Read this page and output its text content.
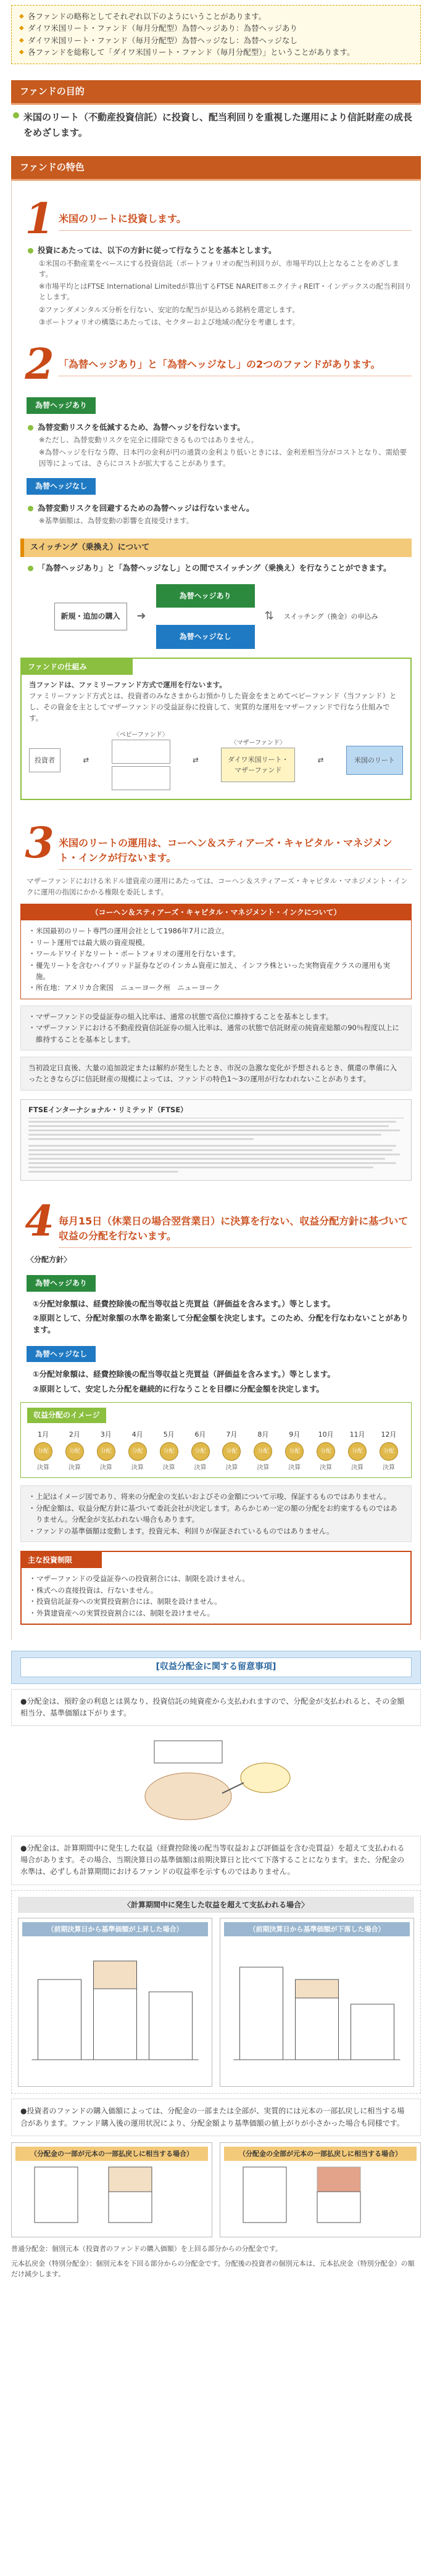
◆ 各ファンドの略称としてそれぞれ以下のようにいうことがあります。
◆ ダイワ米国リート・ファンド（毎月分配型）為替ヘッジあり：為替ヘッジあり
◆ ダイワ米国リート・ファンド（毎月分配型）為替ヘッジなし：為替ヘッジなし
◆ 各ファンドを総称して「ダイワ米国リート・ファンド（毎月分配型）」ということがあります。
ファンドの目的
米国のリート（不動産投資信託）に投資し、配当利回りを重視した運用により信託財産の成長をめざします。
ファンドの特色
1 米国のリートに投資します。
投資にあたっては、以下の方針に従って行なうことを基本とします。
①米国の不動産業をベースにする投資信託（ポートフォリオの配当利回りが、市場平均以上となることをめざします。
※市場平均とはFTSE International Limitedが算出するFTSE NAREIT®エクイティREIT・インデックスの配当利回りとします。
②ファンダメンタルズ分析を行ない、安定的な配当が見込める銘柄を選定します。
③ポートフォリオの構築にあたっては、セクターおよび地域の配分を考慮します。
2 「為替ヘッジあり」と「為替ヘッジなし」の2つのファンドがあります。
為替ヘッジあり
為替変動リスクを低減するため、為替ヘッジを行ないます。
※ただし、為替変動リスクを完全に排除できるものではありません。
※為替ヘッジを行なう際、日本円の金利が円の通貨の金利より低いときには、金利差相当分がコストとなり、需給要因等によっては、さらにコストが拡大することがあります。
為替ヘッジなし
為替変動リスクを回避するための為替ヘッジは行ないません。
※基準価額は、為替変動の影響を直接受けます。
スイッチング（乗換え）について
「為替ヘッジあり」と「為替ヘッジなし」との間でスイッチング（乗換え）を行なうことができます。
新規・追加の購入	➜
為替ヘッジあり
為替ヘッジなし
⇅ スイッチング（換金）の申込み
ファンドの仕組み
当ファンドは、ファミリーファンド方式で運用を行ないます。
ファミリーファンド方式とは、投資者のみなさまからお預かりした資金をまとめてベビーファンド（当ファンド）とし、その資金を主としてマザーファンドの受益証券に投資して、実質的な運用をマザーファンドで行なう仕組みです。
投資者	⇄
〈ベビーファンド〉
為替ヘッジあり
為替ヘッジなし
⇄
〈マザーファンド〉
ダイワ米国リート・マザーファンド
⇄	米国のリート
3 米国のリートの運用は、コーヘン＆スティアーズ・キャピタル・マネジメント・インクが行ないます。
マザーファンドにおける米ドル建資産の運用にあたっては、コーヘン＆スティアーズ・キャピタル・マネジメント・インクに運用の指図にかかる権限を委託します。
（コーヘン＆スティアーズ・キャピタル・マネジメント・インクについて）
・ 米国最初のリート専門の運用会社として1986年7月に設立。
・ リート運用では最大級の資産規模。
・ ワールドワイドなリート・ポートフォリオの運用を行ないます。
・ 優先リートを含むハイブリッド証券などのインカム資産に加え、インフラ株といった実物資産クラスの運用も実施。
・ 所在地：アメリカ合衆国　ニューヨーク州　ニューヨーク
・ マザーファンドの受益証券の組入比率は、通常の状態で高位に維持することを基本とします。
・ マザーファンドにおける不動産投資信託証券の組入比率は、通常の状態で信託財産の純資産総額の90％程度以上に維持することを基本とします。
当初設定日直後、大量の追加設定または解約が発生したとき、市況の急激な変化が予想されるとき、償還の準備に入ったときならびに信託財産の規模によっては、ファンドの特色1～3の運用が行なわれないことがあります。
FTSEインターナショナル・リミテッド（FTSE）
4 毎月15日（休業日の場合翌営業日）に決算を行ない、収益分配方針に基づいて収益の分配を行ないます。
〈分配方針〉
為替ヘッジあり
①分配対象額は、経費控除後の配当等収益と売買益（評価益を含みます。）等とします。
②原則として、分配対象額の水準を勘案して分配金額を決定します。このため、分配を行なわないことがあります。
為替ヘッジなし
①分配対象額は、経費控除後の配当等収益と売買益（評価益を含みます。）等とします。
②原則として、安定した分配を継続的に行なうことを目標に分配金額を決定します。
収益分配のイメージ
1月
分配
決算
2月
分配
決算
3月
分配
決算
4月
分配
決算
5月
分配
決算
6月
分配
決算
7月
分配
決算
8月
分配
決算
9月
分配
決算
10月
分配
決算
11月
分配
決算
12月
分配
決算
・ 上記はイメージ図であり、将来の分配金の支払いおよびその金額について示唆、保証するものではありません。
・ 分配金額は、収益分配方針に基づいて委託会社が決定します。あらかじめ一定の額の分配をお約束するものではありません。分配金が支払われない場合もあります。
・ ファンドの基準価額は変動します。投資元本、利回りが保証されているものではありません。
主な投資制限
・ マザーファンドの受益証券への投資割合には、制限を設けません。
・ 株式への直接投資は、行ないません。
・ 投資信託証券への実質投資割合には、制限を設けません。
・ 外貨建資産への実質投資割合には、制限を設けません。
[収益分配金に関する留意事項]
●分配金は、預貯金の利息とは異なり、投資信託の純資産から支払われますので、分配金が支払われると、その金額相当分、基準価額は下がります。
●分配金は、計算期間中に発生した収益（経費控除後の配当等収益および評価益を含む売買益）を超えて支払われる場合があります。その場合、当期決算日の基準価額は前期決算日と比べて下落することになります。また、分配金の水準は、必ずしも計算期間におけるファンドの収益率を示すものではありません。
〈計算期間中に発生した収益を超えて支払われる場合〉
（前期決算日から基準価額が上昇した場合）	（前期決算日から基準価額が下落した場合）
●投資者のファンドの購入価額によっては、分配金の一部または全部が、実質的には元本の一部払戻しに相当する場合があります。ファンド購入後の運用状況により、分配金額より基準価額の値上がりが小さかった場合も同様です。
（分配金の一部が元本の一部払戻しに相当する場合）	（分配金の全部が元本の一部払戻しに相当する場合）
普通分配金：個別元本（投資者のファンドの購入価額）を上回る部分からの分配金です。
元本払戻金（特別分配金）：個別元本を下回る部分からの分配金です。分配後の投資者の個別元本は、元本払戻金（特別分配金）の額だけ減少します。
